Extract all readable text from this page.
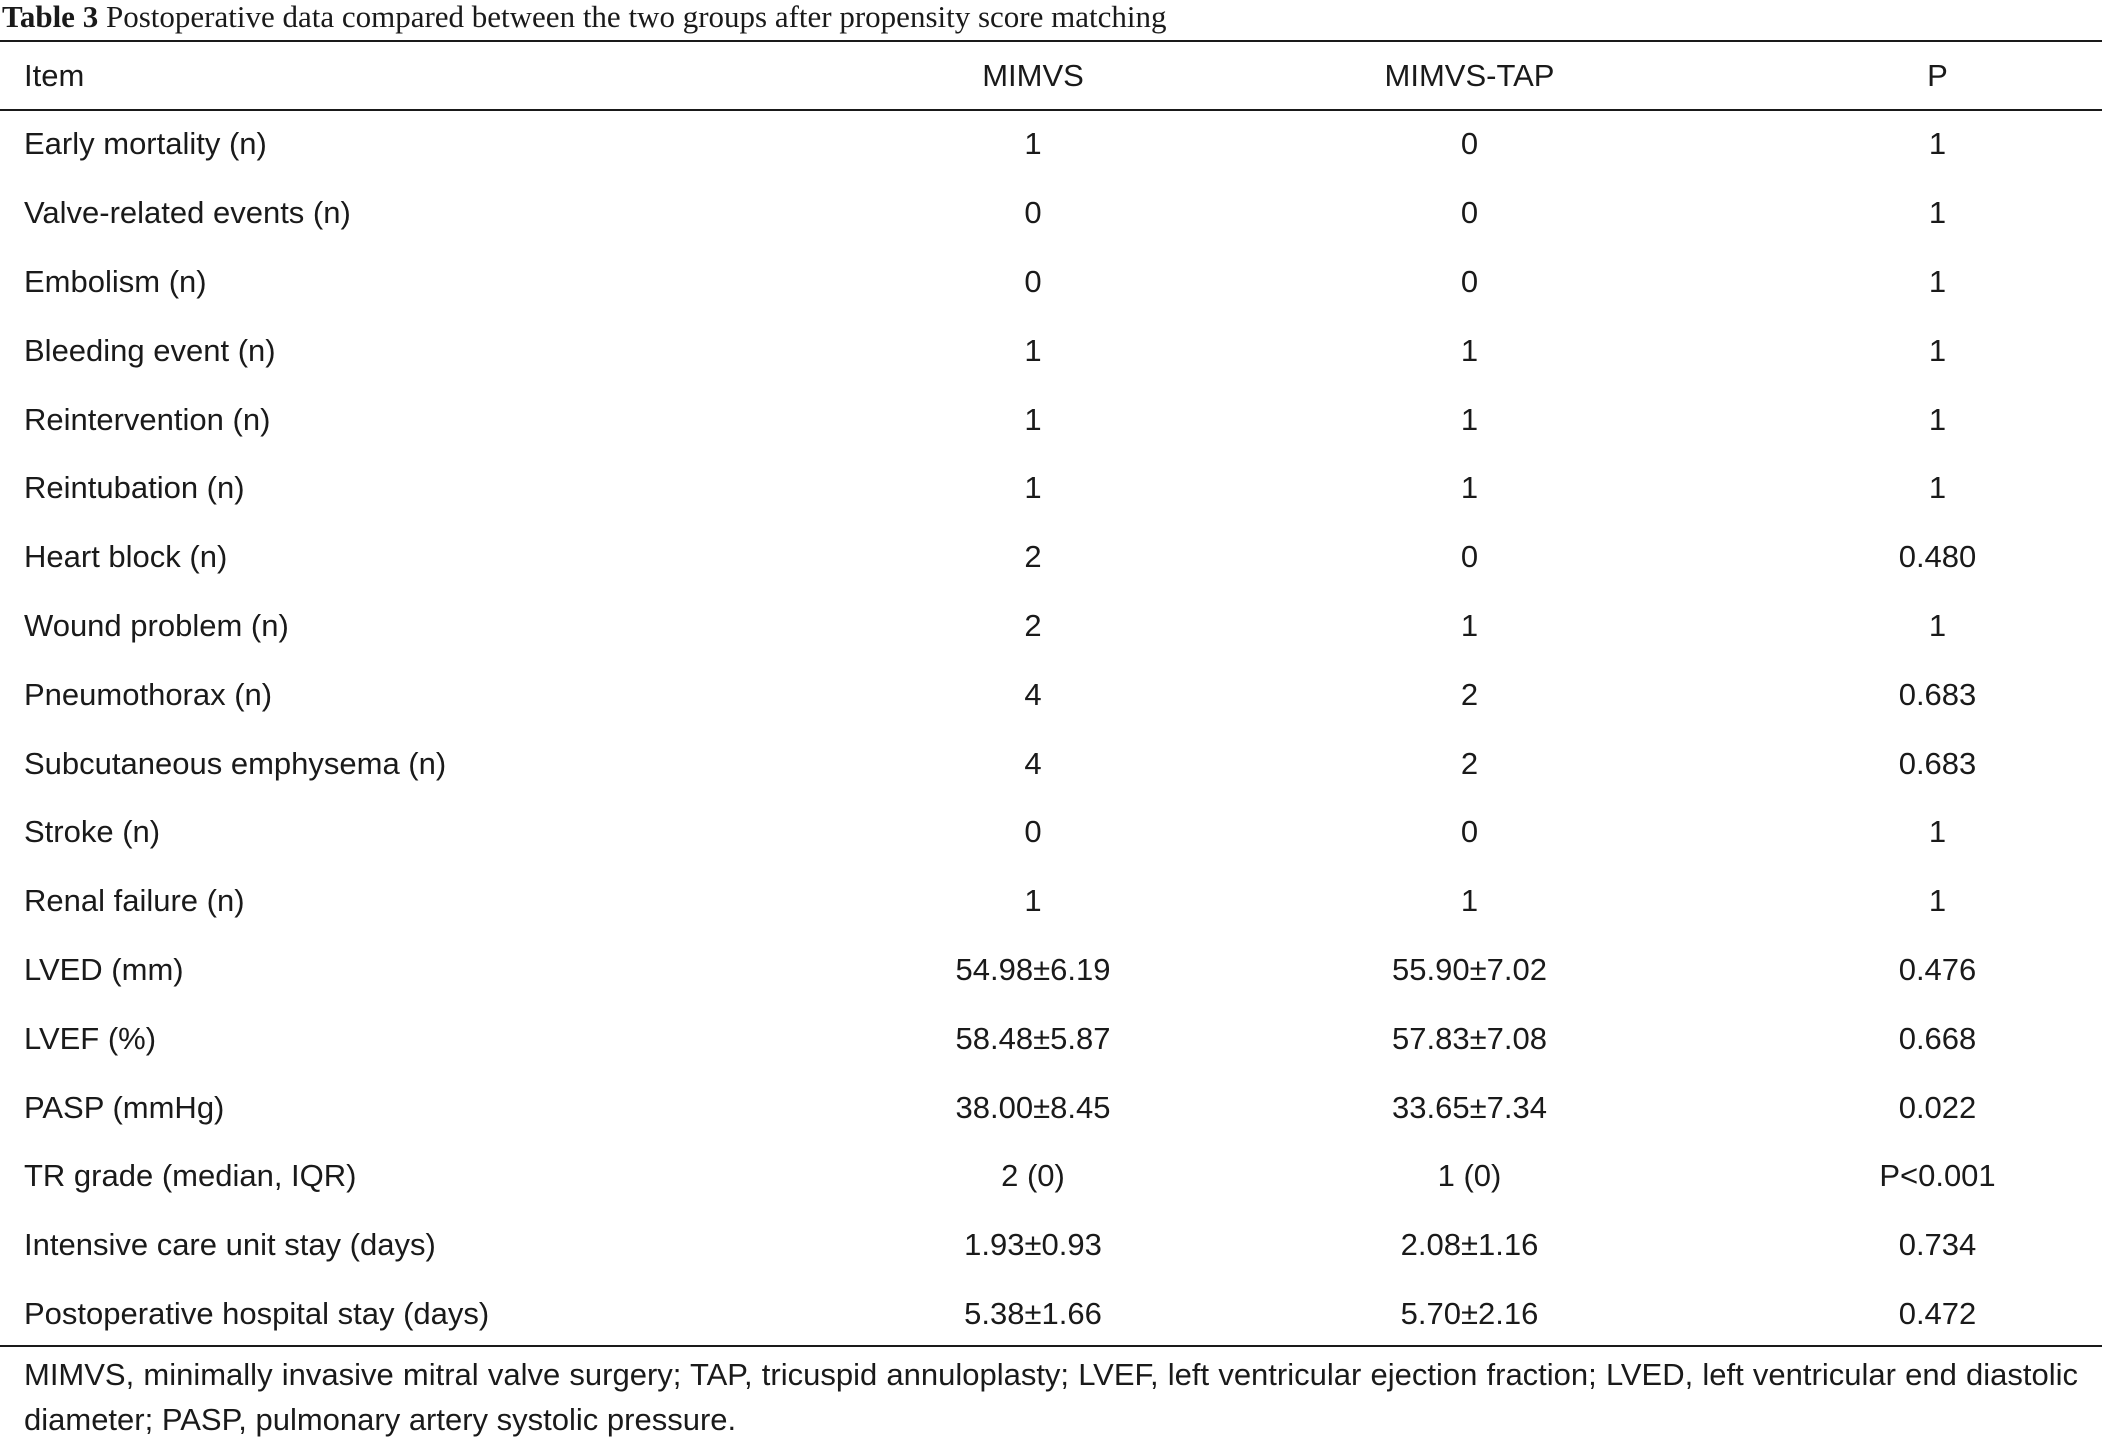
Table 3 Postoperative data compared between the two groups after propensity score matching
Item	MIMVS	MIMVS-TAP	P
Early mortality (n)	1	0	1
Valve-related events (n)	0	0	1
Embolism (n)	0	0	1
Bleeding event (n)	1	1	1
Reintervention (n)	1	1	1
Reintubation (n)	1	1	1
Heart block (n)	2	0	0.480
Wound problem (n)	2	1	1
Pneumothorax (n)	4	2	0.683
Subcutaneous emphysema (n)	4	2	0.683
Stroke (n)	0	0	1
Renal failure (n)	1	1	1
LVED (mm)	54.98±6.19	55.90±7.02	0.476
LVEF (%)	58.48±5.87	57.83±7.08	0.668
PASP (mmHg)	38.00±8.45	33.65±7.34	0.022
TR grade (median, IQR)	2 (0)	1 (0)	P<0.001
Intensive care unit stay (days)	1.93±0.93	2.08±1.16	0.734
Postoperative hospital stay (days)	5.38±1.66	5.70±2.16	0.472
MIMVS, minimally invasive mitral valve surgery; TAP, tricuspid annuloplasty; LVEF, left ventricular ejection fraction; LVED, left ventricular end diastolic diameter; PASP, pulmonary artery systolic pressure.
